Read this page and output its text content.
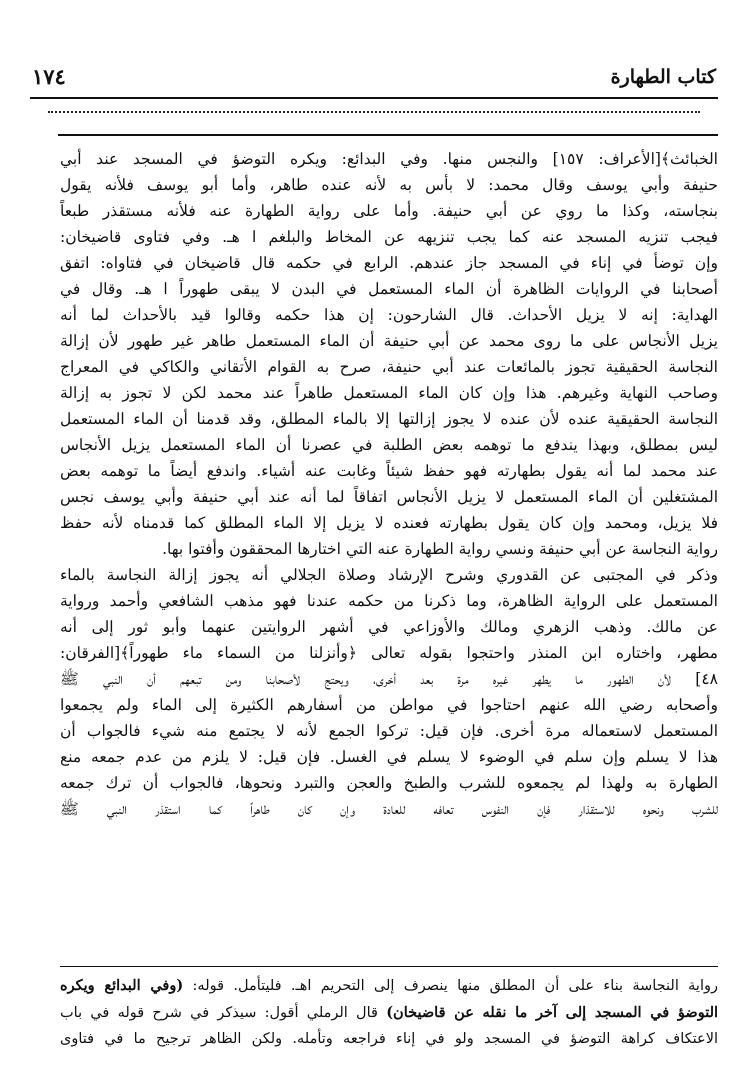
كتاب الطهارة
١٧٤
الخبائث﴾[الأعراف: ١٥٧] والنجس منها. وفي البدائع: ويكره التوضؤ في المسجد عند أبي
حنيفة وأبي يوسف وقال محمد: لا بأس به لأنه عنده طاهر، وأما أبو يوسف فلأنه يقول
بنجاسته، وكذا ما روي عن أبي حنيفة. وأما على رواية الطهارة عنه فلأنه مستقذر طبعاً
فيجب تنزيه المسجد عنه كما يجب تنزيهه عن المخاط والبلغم ا هـ. وفي فتاوى قاضيخان:
وإن توضأ في إناء في المسجد جاز عندهم. الرابع في حكمه قال قاضيخان في فتاواه: اتفق
أصحابنا في الروايات الظاهرة أن الماء المستعمل في البدن لا يبقى طهوراً ا هـ. وقال في
الهداية: إنه لا يزيل الأحداث. قال الشارحون: إن هذا حكمه وقالوا قيد بالأحداث لما أنه
يزيل الأنجاس على ما روى محمد عن أبي حنيفة أن الماء المستعمل طاهر غير طهور لأن إزالة
النجاسة الحقيقية تجوز بالمائعات عند أبي حنيفة، صرح به القوام الأتقاني والكاكي في المعراج
وصاحب النهاية وغيرهم. هذا وإن كان الماء المستعمل طاهراً عند محمد لكن لا تجوز به إزالة
النجاسة الحقيقية عنده لأن عنده لا يجوز إزالتها إلا بالماء المطلق، وقد قدمنا أن الماء المستعمل
ليس بمطلق، وبهذا يندفع ما توهمه بعض الطلبة في عصرنا أن الماء المستعمل يزيل الأنجاس
عند محمد لما أنه يقول بطهارته فهو حفظ شيئاً وغابت عنه أشياء. واندفع أيضاً ما توهمه بعض
المشتغلين أن الماء المستعمل لا يزيل الأنجاس اتفاقاً لما أنه عند أبي حنيفة وأبي يوسف نجس
فلا يزيل، ومحمد وإن كان يقول بطهارته فعنده لا يزيل إلا الماء المطلق كما قدمناه لأنه حفظ
رواية النجاسة عن أبي حنيفة ونسي رواية الطهارة عنه التي اختارها المحققون وأفتوا بها.
وذكر في المجتبى عن القدوري وشرح الإرشاد وصلاة الجلالي أنه يجوز إزالة النجاسة بالماء
المستعمل على الرواية الظاهرة، وما ذكرنا من حكمه عندنا فهو مذهب الشافعي وأحمد ورواية
عن مالك. وذهب الزهري ومالك والأوزاعي في أشهر الروايتين عنهما وأبو ثور إلى أنه
مطهر، واختاره ابن المنذر واحتجوا بقوله تعالى ﴿وأنزلنا من السماء ماء طهوراً﴾[الفرقان:
٤٨] لأن الطهور ما يطهر غيره مرة بعد أخرى، ويحتج لأصحابنا ومن تبعهم أن النبي ﷺ
وأصحابه رضي الله عنهم احتاجوا في مواطن من أسفارهم الكثيرة إلى الماء ولم يجمعوا
المستعمل لاستعماله مرة أخرى. فإن قيل: تركوا الجمع لأنه لا يجتمع منه شيء فالجواب أن
هذا لا يسلم وإن سلم في الوضوء لا يسلم في الغسل. فإن قيل: لا يلزم من عدم جمعه منع
الطهارة به ولهذا لم يجمعوه للشرب والطبخ والعجن والتبرد ونحوها، فالجواب أن ترك جمعه
للشرب ونحوه للاستقذار فإن النفوس تعافه للعادة وإن كان طاهراً كما استقذر النبي ﷺ
رواية النجاسة بناء على أن المطلق منها ينصرف إلى التحريم اهـ. فليتأمل. قوله: (وفي البدائع ويكره
التوضؤ في المسجد إلى آخر ما نقله عن قاضيخان) قال الرملي أقول: سيذكر في شرح قوله في باب
الاعتكاف كراهة التوضؤ في المسجد ولو في إناء فراجعه وتأمله. ولكن الظاهر ترجيح ما في فتاوى
